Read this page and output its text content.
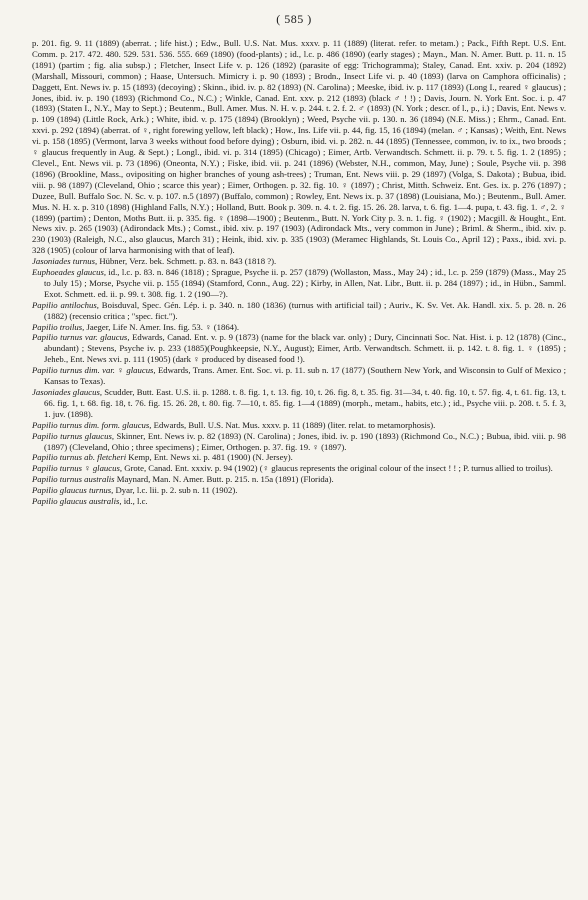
( 585 )

p. 201. fig. 9. 11 (1889) (aberrat. ; life hist.) ; Edw., Bull. U.S. Nat. Mus. xxxv. p. 11 (1889) (literat. refer. to metam.) ; Pack., Fifth Rept. U.S. Ent. Comm. p. 217. 472. 480. 529. 531. 536. 555. 669 (1890) (food-plants) ; id., l.c. p. 486 (1890) (early stages) ; Mayn., Man. N. Amer. Butt. p. 11. n. 15 (1891) (partim ; fig. alia subsp.) ; Fletcher, Insect Life v. p. 126 (1892) (parasite of egg: Trichogramma); Staley, Canad. Ent. xxiv. p. 204 (1892) (Marshall, Missouri, common) ; Haase, Untersuch. Mimicry i. p. 90 (1893) ; Brodn., Insect Life vi. p. 40 (1893) (larva on Camphora officinalis) ; Daggett, Ent. News iv. p. 15 (1893) (decoying) ; Skinn., ibid. iv. p. 82 (1893) (N. Carolina) ; Meeske, ibid. iv. p. 117 (1893) (Long I., reared ♀ glaucus) ; Jones, ibid. iv. p. 190 (1893) (Richmond Co., N.C.) ; Winkle, Canad. Ent. xxv. p. 212 (1893) (black ♂ ! !) ; Davis, Journ. N. York Ent. Soc. i. p. 47 (1893) (Staten I., N.Y., May to Sept.) ; Beutenm., Bull. Amer. Mus. N. H. v. p. 244. t. 2. f. 2. ♂ (1893) (N. York ; descr. of l., p., i.) ; Davis, Ent. News v. p. 109 (1894) (Little Rock, Ark.) ; White, ibid. v. p. 175 (1894) (Brooklyn) ; Weed, Psyche vii. p. 130. n. 36 (1894) (N.E. Miss.) ; Ehrm., Canad. Ent. xxvi. p. 292 (1894) (aberrat. of ♀, right forewing yellow, left black) ; How., Ins. Life vii. p. 44, fig. 15, 16 (1894) (melan. ♂ ; Kansas) ; Weith, Ent. News vi. p. 158 (1895) (Vermont, larva 3 weeks without food before dying) ; Osburn, ibid. vi. p. 282. n. 44 (1895) (Tennessee, common, iv. to ix., two broods ; ♀ glaucus frequently in Aug. & Sept.) ; Longl., ibid. vi. p. 314 (1895) (Chicago) ; Eimer, Artb. Verwandtsch. Schmett. ii. p. 79. t. 5. fig. 1. 2 (1895) ; Clevel., Ent. News vii. p. 73 (1896) (Oneonta, N.Y.) ; Fiske, ibid. vii. p. 241 (1896) (Webster, N.H., common, May, June) ; Soule, Psyche vii. p. 398 (1896) (Brookline, Mass., ovipositing on higher branches of young ash-trees) ; Truman, Ent. News viii. p. 29 (1897) (Volga, S. Dakota) ; Bubua, ibid. viii. p. 98 (1897) (Cleveland, Ohio ; scarce this year) ; Eimer, Orthogen. p. 32. fig. 10. ♀ (1897) ; Christ, Mitth. Schweiz. Ent. Ges. ix. p. 276 (1897) ; Duzee, Bull. Buffalo Soc. N. Sc. v. p. 107. n.5 (1897) (Buffalo, common) ; Rowley, Ent. News ix. p. 37 (1898) (Louisiana, Mo.) ; Beutenm., Bull. Amer. Mus. N. H. x. p. 310 (1898) (Highland Falls, N.Y.) ; Holland, Butt. Book p. 309. n. 4. t. 2. fig. 15. 26. 28. larva, t. 6. fig. 1—4. pupa, t. 43. fig. 1. ♂, 2. ♀ (1899) (partim) ; Denton, Moths Butt. ii. p. 335. fig. ♀ (1898—1900) ; Beutenm., Butt. N. York City p. 3. n. 1. fig. ♀ (1902) ; Macgill. & Hought., Ent. News xiv. p. 265 (1903) (Adirondack Mts.) ; Comst., ibid. xiv. p. 197 (1903) (Adirondack Mts., very common in June) ; Briml. & Sherm., ibid. xiv. p. 230 (1903) (Raleigh, N.C., also glaucus, March 31) ; Heink, ibid. xiv. p. 335 (1903) (Meramec Highlands, St. Louis Co., April 12) ; Paxs., ibid. xvi. p. 328 (1905) (colour of larva harmonising with that of leaf).

Jasoniades turnus, Hübner, Verz. bek. Schmett. p. 83. n. 843 (1818 ?).

Euphoeades glaucus, id., l.c. p. 83. n. 846 (1818) ; Sprague, Psyche ii. p. 257 (1879) (Wollaston, Mass., May 24) ; id., l.c. p. 259 (1879) (Mass., May 25 to July 15) ; Morse, Psyche vii. p. 155 (1894) (Stamford, Conn., Aug. 22) ; Kirby, in Allen, Nat. Libr., Butt. ii. p. 284 (1897) ; id., in Hübn., Samml. Exot. Schmett. ed. ii. p. 99. t. 308. fig. 1. 2 (190—?).

Papilio antilochus, Boisduval, Spec. Gén. Lép. i. p. 340. n. 180 (1836) (turnus with artificial tail) ; Auriv., K. Sv. Vet. Ak. Handl. xix. 5. p. 28. n. 26 (1882) (recensio critica ; "spec. fict.").

Papilio troilus, Jaeger, Life N. Amer. Ins. fig. 53. ♀ (1864).

Papilio turnus var. glaucus, Edwards, Canad. Ent. v. p. 9 (1873) (name for the black var. only) ; Dury, Cincinnati Soc. Nat. Hist. i. p. 12 (1878) (Cinc., abundant) ; Stevens, Psyche iv. p. 233 (1885)(Poughkeepsie, N.Y., August); Eimer, Artb. Verwandtsch. Schmett. ii. p. 142. t. 8. fig. 1. ♀ (1895) ; Jeheb., Ent. News xvi. p. 111 (1905) (dark ♀ produced by diseased food !).

Papilio turnus dim. var. ♀ glaucus, Edwards, Trans. Amer. Ent. Soc. vi. p. 11. sub n. 17 (1877) (Southern New York, and Wisconsin to Gulf of Mexico ; Kansas to Texas).

Jasoniades glaucus, Scudder, Butt. East. U.S. ii. p. 1288. t. 8. fig. 1, t. 13. fig. 10, t. 26. fig. 8, t. 35. fig. 31—34, t. 40. fig. 10, t. 57. fig. 4, t. 61. fig. 13, t. 66. fig. 1, t. 68. fig. 18, t. 76. fig. 15. 26. 28, t. 80. fig. 7—10, t. 85. fig. 1—4 (1889) (morph., metam., habits, etc.) ; id., Psyche viii. p. 208. t. 5. f. 3, 1. juv. (1898).

Papilio turnus dim. form. glaucus, Edwards, Bull. U.S. Nat. Mus. xxxv. p. 11 (1889) (liter. relat. to metamorphosis).

Papilio turnus glaucus, Skinner, Ent. News iv. p. 82 (1893) (N. Carolina) ; Jones, ibid. iv. p. 190 (1893) (Richmond Co., N.C.) ; Bubua, ibid. viii. p. 98 (1897) (Cleveland, Ohio ; three specimens) ; Eimer, Orthogen. p. 37. fig. 19. ♀ (1897).

Papilio turnus ab. fletcheri Kemp, Ent. News xi. p. 481 (1900) (N. Jersey).

Papilio turnus ♀ glaucus, Grote, Canad. Ent. xxxiv. p. 94 (1902) (♀ glaucus represents the original colour of the insect ! ! ; P. turnus allied to troilus).

Papilio turnus australis Maynard, Man. N. Amer. Butt. p. 215. n. 15a (1891) (Florida).

Papilio glaucus turnus, Dyar, l.c. lii. p. 2. sub n. 11 (1902).

Papilio glaucus australis, id., l.c.
